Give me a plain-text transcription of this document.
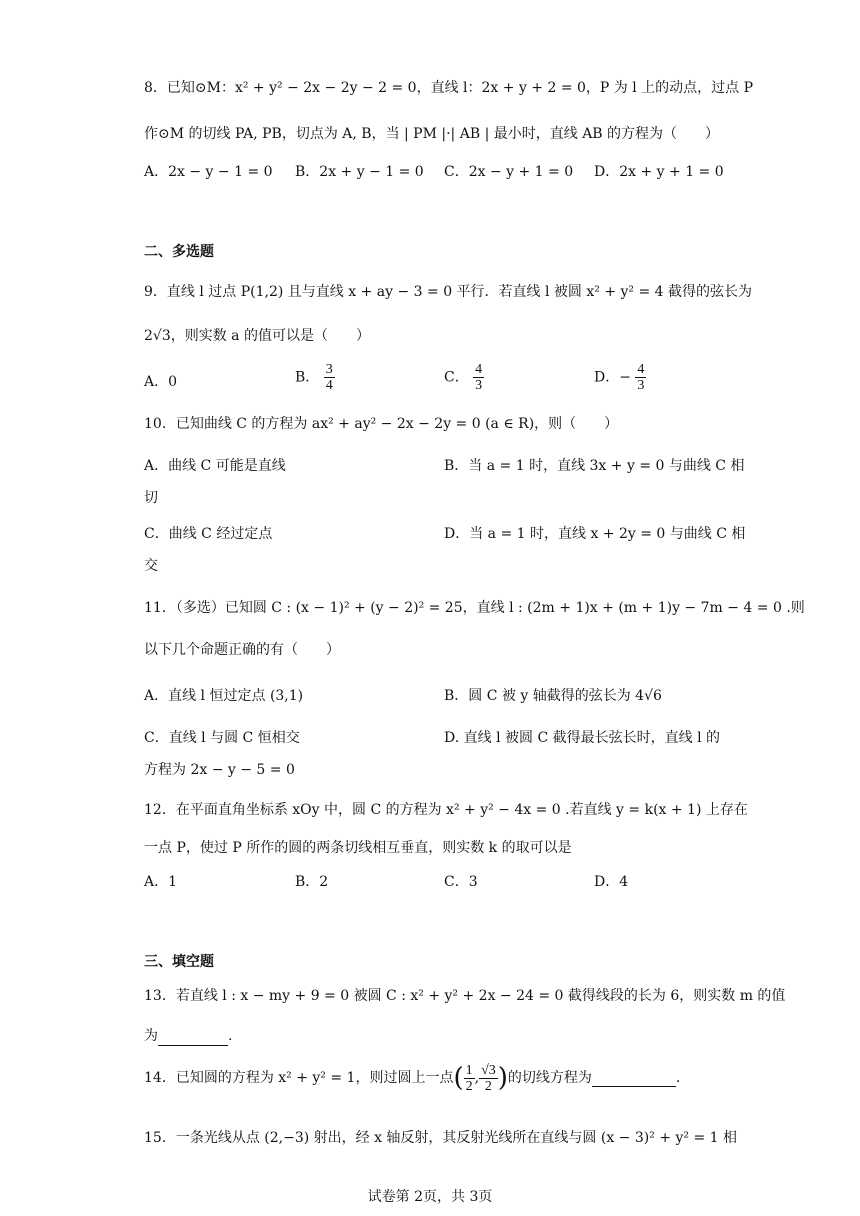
8．已知⊙M：x² + y² − 2x − 2y − 2 = 0，直线 l：2x + y + 2 = 0，P 为 l 上的动点，过点 P
作⊙M 的切线 PA, PB，切点为 A, B，当 | PM |·| AB | 最小时，直线 AB 的方程为（　　）
A．2x − y − 1 = 0 B．2x + y − 1 = 0 C．2x − y + 1 = 0 D．2x + y + 1 = 0
二、多选题
9．直线 l 过点 P(1,2) 且与直线 x + ay − 3 = 0 平行．若直线 l 被圆 x² + y² = 4 截得的弦长为
2√3，则实数 a 的值可以是（　　）
A．0	B． $\frac{3}{4}$	C． $\frac{4}{3}$	D．− $\frac{4}{3}$
10．已知曲线 C 的方程为 ax² + ay² − 2x − 2y = 0 (a ∈ R)，则（　　）
A．曲线 C 可能是直线	B．当 a = 1 时，直线 3x + y = 0 与曲线 C 相
切
C．曲线 C 经过定点	D．当 a = 1 时，直线 x + 2y = 0 与曲线 C 相
交
11．（多选）已知圆 C : (x − 1)² + (y − 2)² = 25，直线 l : (2m + 1)x + (m + 1)y − 7m − 4 = 0 .则
以下几个命题正确的有（　　）
A．直线 l 恒过定点 (3,1)	B．圆 C 被 y 轴截得的弦长为 4√6
C．直线 l 与圆 C 恒相交	D. 直线 l 被圆 C 截得最长弦长时，直线 l 的
方程为 2x − y − 5 = 0
12．在平面直角坐标系 xOy 中，圆 C 的方程为 x² + y² − 4x = 0 .若直线 y = k(x + 1) 上存在
一点 P，使过 P 所作的圆的两条切线相互垂直，则实数 k 的取可以是
A．1	B．2	C．3	D．4
三、填空题
13．若直线 l : x − my + 9 = 0 被圆 C : x² + y² + 2x − 24 = 0 截得线段的长为 6，则实数 m 的值
为	.
14．已知圆的方程为 x² + y² = 1，则过圆上一点( $\frac{1}{2}$ , $\frac{√3}{2}$ )的切线方程为	.
15．一条光线从点 (2,−3) 射出，经 x 轴反射，其反射光线所在直线与圆 (x − 3)² + y² = 1 相
试卷第 2页，共 3页
